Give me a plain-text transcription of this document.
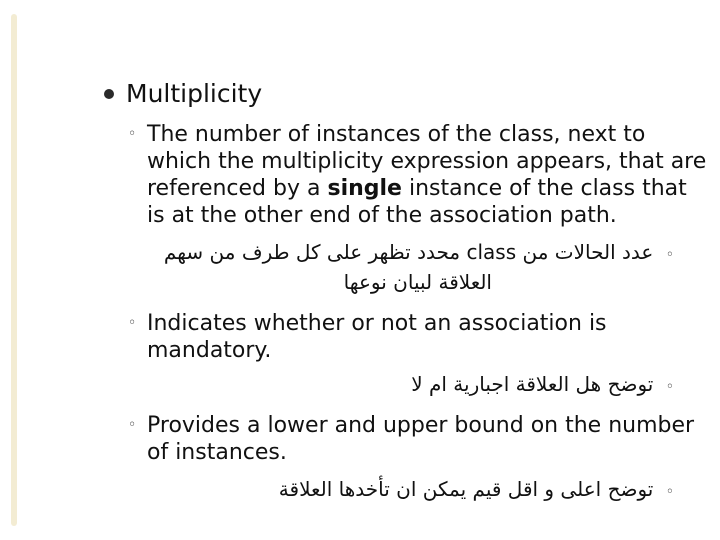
Multiplicity
◦ The number of instances of the class, next to which the multiplicity expression appears, that are referenced by a single instance of the class that is at the other end of the association path.
◦ عدد الحالات من class محدد تظهر على كل طرف من سهم
العلاقة لبيان نوعها
◦ Indicates whether or not an association is mandatory.
◦ توضح هل العلاقة اجبارية ام لا
◦ Provides a lower and upper bound on the number of instances.
◦ توضح اعلى و اقل قيم يمكن ان تأخدها العلاقة
